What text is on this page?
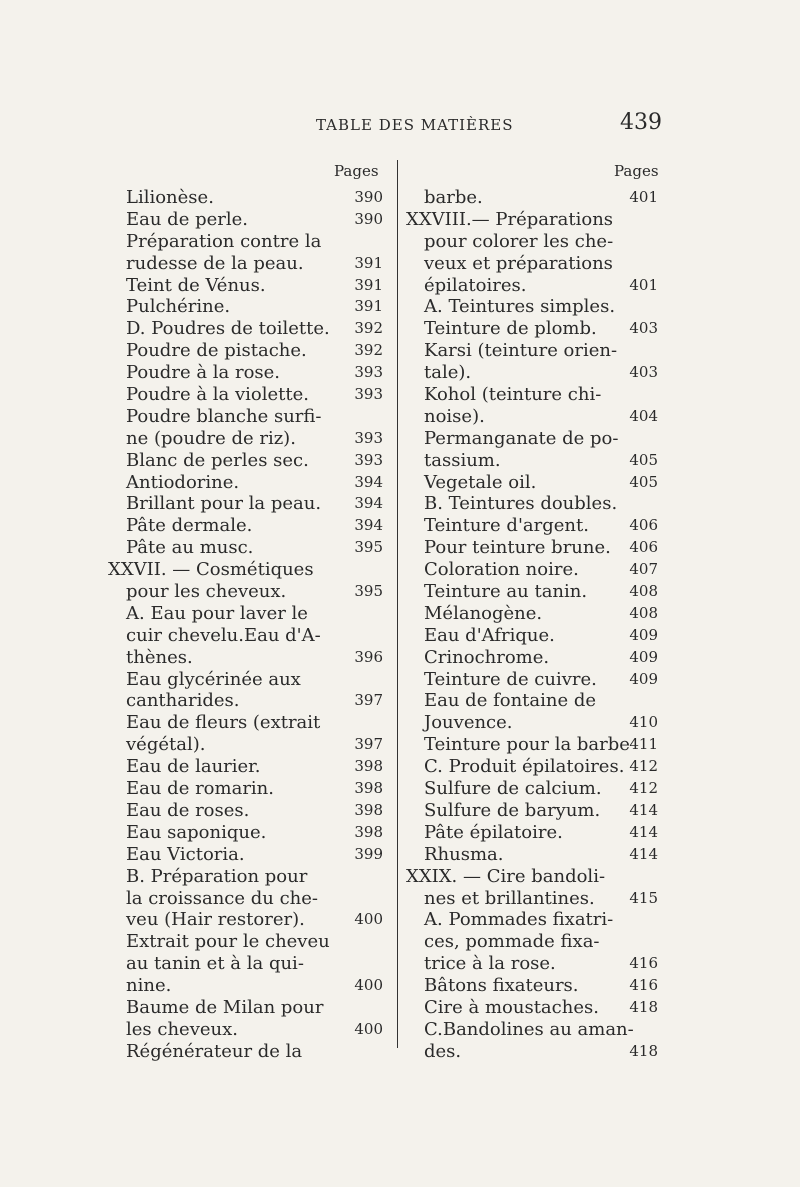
TABLE DES MATIÈRES	439
Pages	Pages
Lilionèse.	390
Eau de perle.	390
Préparation contre la
rudesse de la peau.	391
Teint de Vénus.	391
Pulchérine.	391
D. Poudres de toilette. 392
Poudre de pistache.	392
Poudre à la rose.	393
Poudre à la violette.	393
Poudre blanche surfi-
ne (poudre de riz).	393
Blanc de perles sec.	393
Antiodorine.	394
Brillant pour la peau. 394
Pâte dermale.	394
Pâte au musc.	395
XXVII. — Cosmétiques
pour les cheveux.	395
A. Eau pour laver le
cuir chevelu.Eau d'A-
thènes.	396
Eau glycérinée aux
cantharides.	397
Eau de fleurs (extrait
végétal).	397
Eau de laurier.	398
Eau de romarin.	398
Eau de roses.	398
Eau saponique.	398
Eau Victoria.	399
B. Préparation pour
la croissance du che-
veu (Hair restorer).	400
Extrait pour le cheveu
au tanin et à la qui-
nine.	400
Baume de Milan pour
les cheveux.	400
Régénérateur de la
barbe.	401
XXVIII.— Préparations
pour colorer les che-
veux et préparations
épilatoires.	401
A. Teintures simples.
Teinture de plomb. 403
Karsi (teinture orien-
tale).	403
Kohol (teinture chi-
noise).	404
Permanganate de po-
tassium.	405
Vegetale oil.	405
B. Teintures doubles.
Teinture d'argent.	406
Pour teinture brune. 406
Coloration noire.	407
Teinture au tanin.	408
Mélanogène.	408
Eau d'Afrique.	409
Crinochrome.	409
Teinture de cuivre. 409
Eau de fontaine de
Jouvence.	410
Teinture pour la barbe 411
C. Produit épilatoires. 412
Sulfure de calcium. 412
Sulfure de baryum. 414
Pâte épilatoire.	414
Rhusma.	414
XXIX. — Cire bandoli-
nes et brillantines. 415
A. Pommades fixatri-
ces, pommade fixa-
trice à la rose.	416
Bâtons fixateurs.	416
Cire à moustaches. 418
C.Bandolines au aman-
des.	418
